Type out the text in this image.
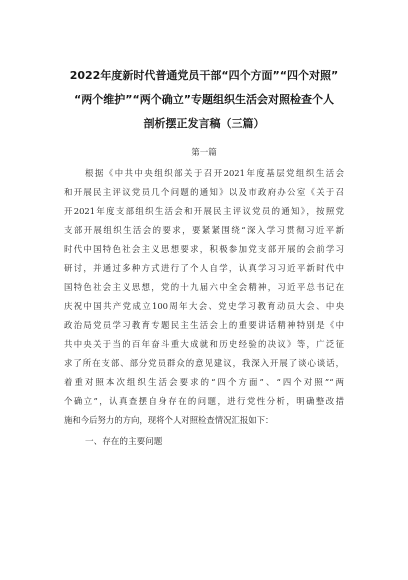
2022年度新时代普通党员干部“四个方面”“四个对照”
“两个维护”“两个确立”专题组织生活会对照检查个人
剖析摆正发言稿（三篇）
第一篇
根据《中共中央组织部关于召开2021年度基层党组织生活会
和开展民主评议党员几个问题的通知》以及市政府办公室《关于召
开2021年度支部组织生活会和开展民主评议党员的通知》，按照党
支部开展组织生活会的要求，要紧紧围绕“深入学习贯彻习近平新
时代中国特色社会主义思想要求，积极参加党支部开展的会前学习
研讨，并通过多种方式进行了个人自学，认真学习习近平新时代中
国特色社会主义思想，党的十九届六中全会精神，习近平总书记在
庆祝中国共产党成立100周年大会、党史学习教育动员大会、中央
政治局党员学习教育专题民主生活会上的重要讲话精神特别是《中
共中央关于当的百年奋斗重大成就和历史经验的决议》等，广泛征
求了所在支部、部分党员群众的意见建议，我深入开展了谈心谈话，
着重对照本次组织生活会要求的“四个方面”、“四个对照”“两
个确立”，认真查摆自身存在的问题，进行党性分析，明确整改措
施和今后努力的方向，现将个人对照检查情况汇报如下：
一、存在的主要问题
